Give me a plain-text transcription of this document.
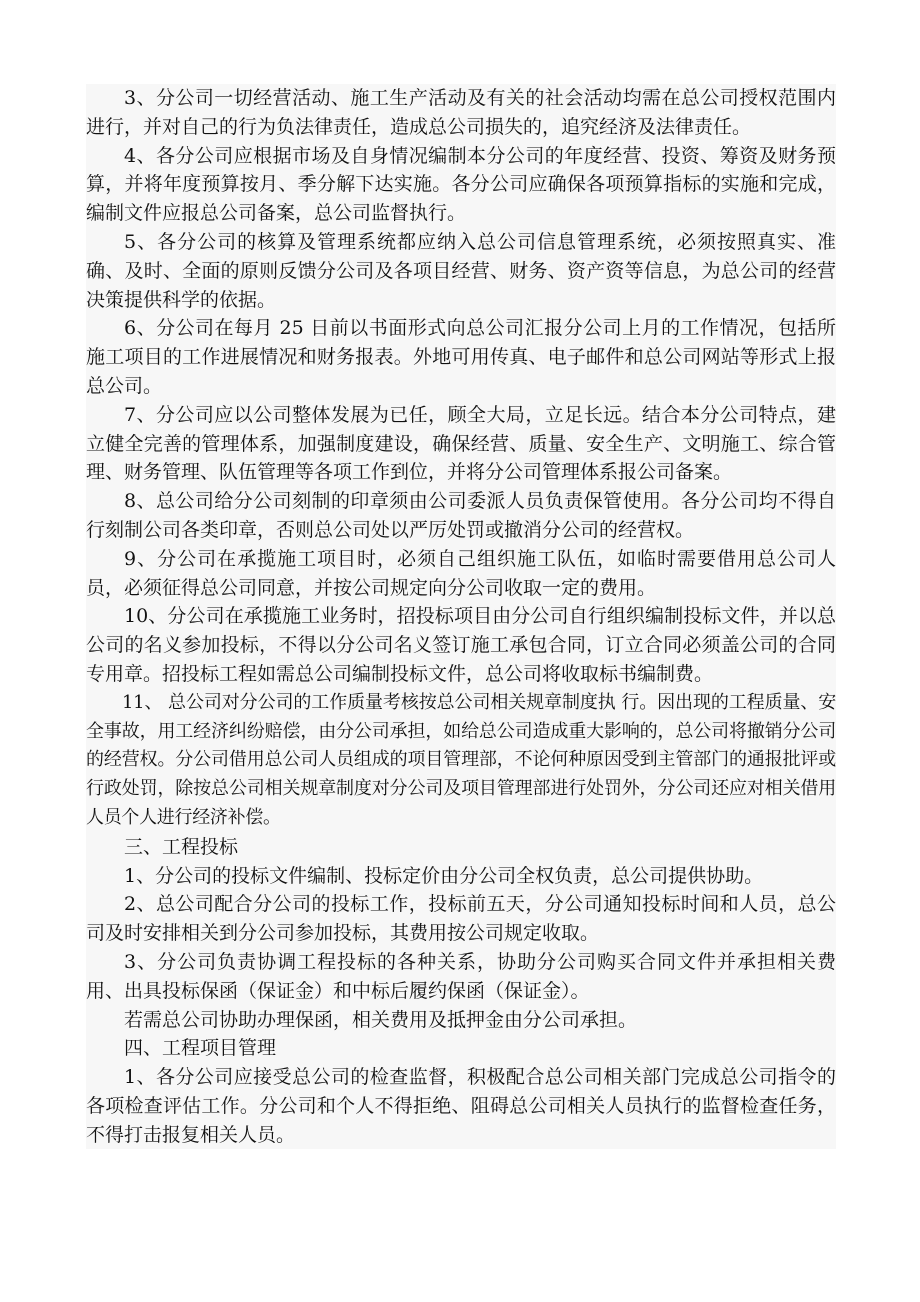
3、分公司一切经营活动、施工生产活动及有关的社会活动均需在总公司授权范围内进行，并对自己的行为负法律责任，造成总公司损失的，追究经济及法律责任。

4、各分公司应根据市场及自身情况编制本分公司的年度经营、投资、筹资及财务预算，并将年度预算按月、季分解下达实施。各分公司应确保各项预算指标的实施和完成，编制文件应报总公司备案，总公司监督执行。

5、各分公司的核算及管理系统都应纳入总公司信息管理系统，必须按照真实、准确、及时、全面的原则反馈分公司及各项目经营、财务、资产资等信息，为总公司的经营决策提供科学的依据。

6、分公司在每月 25 日前以书面形式向总公司汇报分公司上月的工作情况，包括所施工项目的工作进展情况和财务报表。外地可用传真、电子邮件和总公司网站等形式上报总公司。

7、分公司应以公司整体发展为已任，顾全大局，立足长远。结合本分公司特点，建立健全完善的管理体系，加强制度建设，确保经营、质量、安全生产、文明施工、综合管理、财务管理、队伍管理等各项工作到位，并将分公司管理体系报公司备案。

8、总公司给分公司刻制的印章须由公司委派人员负责保管使用。各分公司均不得自行刻制公司各类印章，否则总公司处以严厉处罚或撤消分公司的经营权。

9、分公司在承揽施工项目时，必须自己组织施工队伍，如临时需要借用总公司人员，必须征得总公司同意，并按公司规定向分公司收取一定的费用。

10、分公司在承揽施工业务时，招投标项目由分公司自行组织编制投标文件，并以总公司的名义参加投标，不得以分公司名义签订施工承包合同，订立合同必须盖公司的合同专用章。招投标工程如需总公司编制投标文件，总公司将收取标书编制费。

11、 总公司对分公司的工作质量考核按总公司相关规章制度执 行。因出现的工程质量、安全事故，用工经济纠纷赔偿，由分公司承担，如给总公司造成重大影响的，总公司将撤销分公司的经营权。分公司借用总公司人员组成的项目管理部，不论何种原因受到主管部门的通报批评或行政处罚，除按总公司相关规章制度对分公司及项目管理部进行处罚外，分公司还应对相关借用人员个人进行经济补偿。

三、工程投标

1、分公司的投标文件编制、投标定价由分公司全权负责，总公司提供协助。

2、总公司配合分公司的投标工作，投标前五天，分公司通知投标时间和人员，总公司及时安排相关到分公司参加投标，其费用按公司规定收取。

3、分公司负责协调工程投标的各种关系，协助分公司购买合同文件并承担相关费用、出具投标保函（保证金）和中标后履约保函（保证金）。

若需总公司协助办理保函，相关费用及抵押金由分公司承担。

四、工程项目管理

1、各分公司应接受总公司的检查监督，积极配合总公司相关部门完成总公司指令的各项检查评估工作。分公司和个人不得拒绝、阻碍总公司相关人员执行的监督检查任务，不得打击报复相关人员。
